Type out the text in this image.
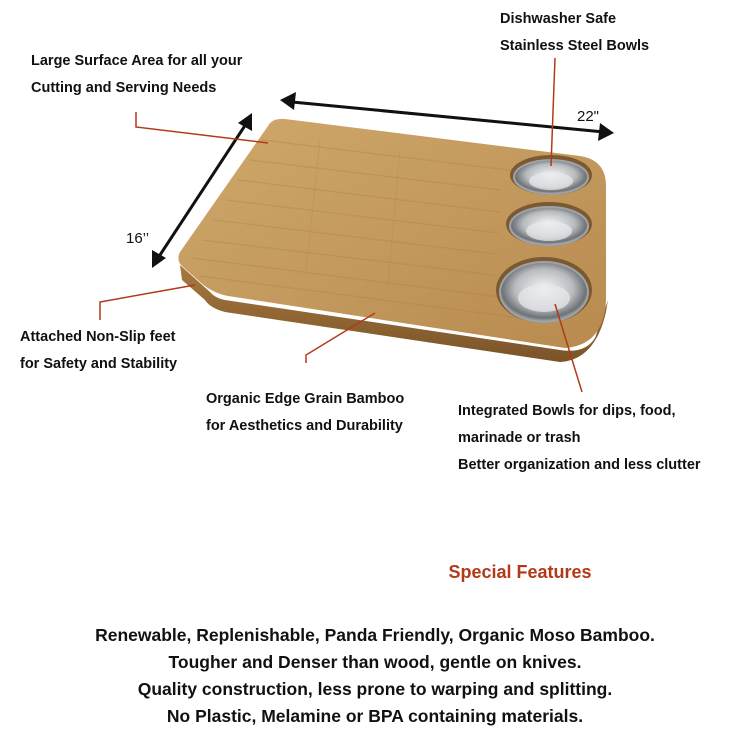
Large Surface Area for all your
Cutting and Serving Needs
Dishwasher Safe
Stainless Steel Bowls
Attached Non-Slip feet
for Safety and Stability
Organic Edge Grain Bamboo
for Aesthetics and Durability
Integrated Bowls for dips, food,
marinade or trash
Better organization and less clutter
22"
16’’
Special Features
Renewable, Replenishable, Panda Friendly, Organic Moso Bamboo.
Tougher and Denser than wood, gentle on knives.
Quality construction, less prone to warping and splitting.
No Plastic, Melamine or BPA containing materials.
